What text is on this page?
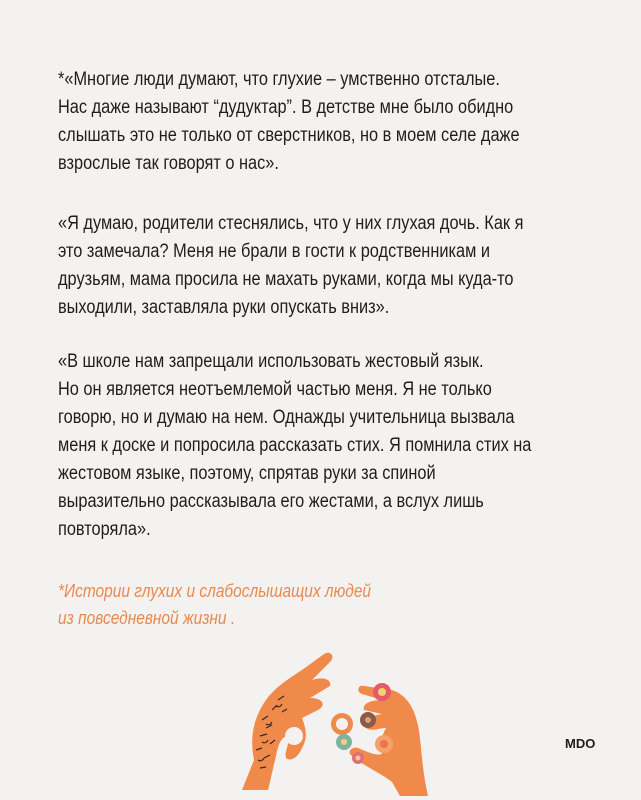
*«Многие люди думают, что глухие – умственно отсталые.
Нас даже называют “дудуктар”. В детстве мне было обидно
слышать это не только от сверстников, но в моем селе даже
взрослые так говорят о нас».
«Я думаю, родители стеснялись, что у них глухая дочь. Как я
это замечала? Меня не брали в гости к родственникам и
друзьям, мама просила не махать руками, когда мы куда-то
выходили, заставляла руки опускать вниз».
«В школе нам запрещали использовать жестовый язык.
Но он является неотъемлемой частью меня. Я не только
говорю, но и думаю на нем. Однажды учительница вызвала
меня к доске и попросила рассказать стих. Я помнила стих на
жестовом языке, поэтому, спрятав руки за спиной
выразительно рассказывала его жестами, а вслух лишь
повторяла».
*Истории глухих и слабослышащих людей
из повседневной жизни .
MDO
